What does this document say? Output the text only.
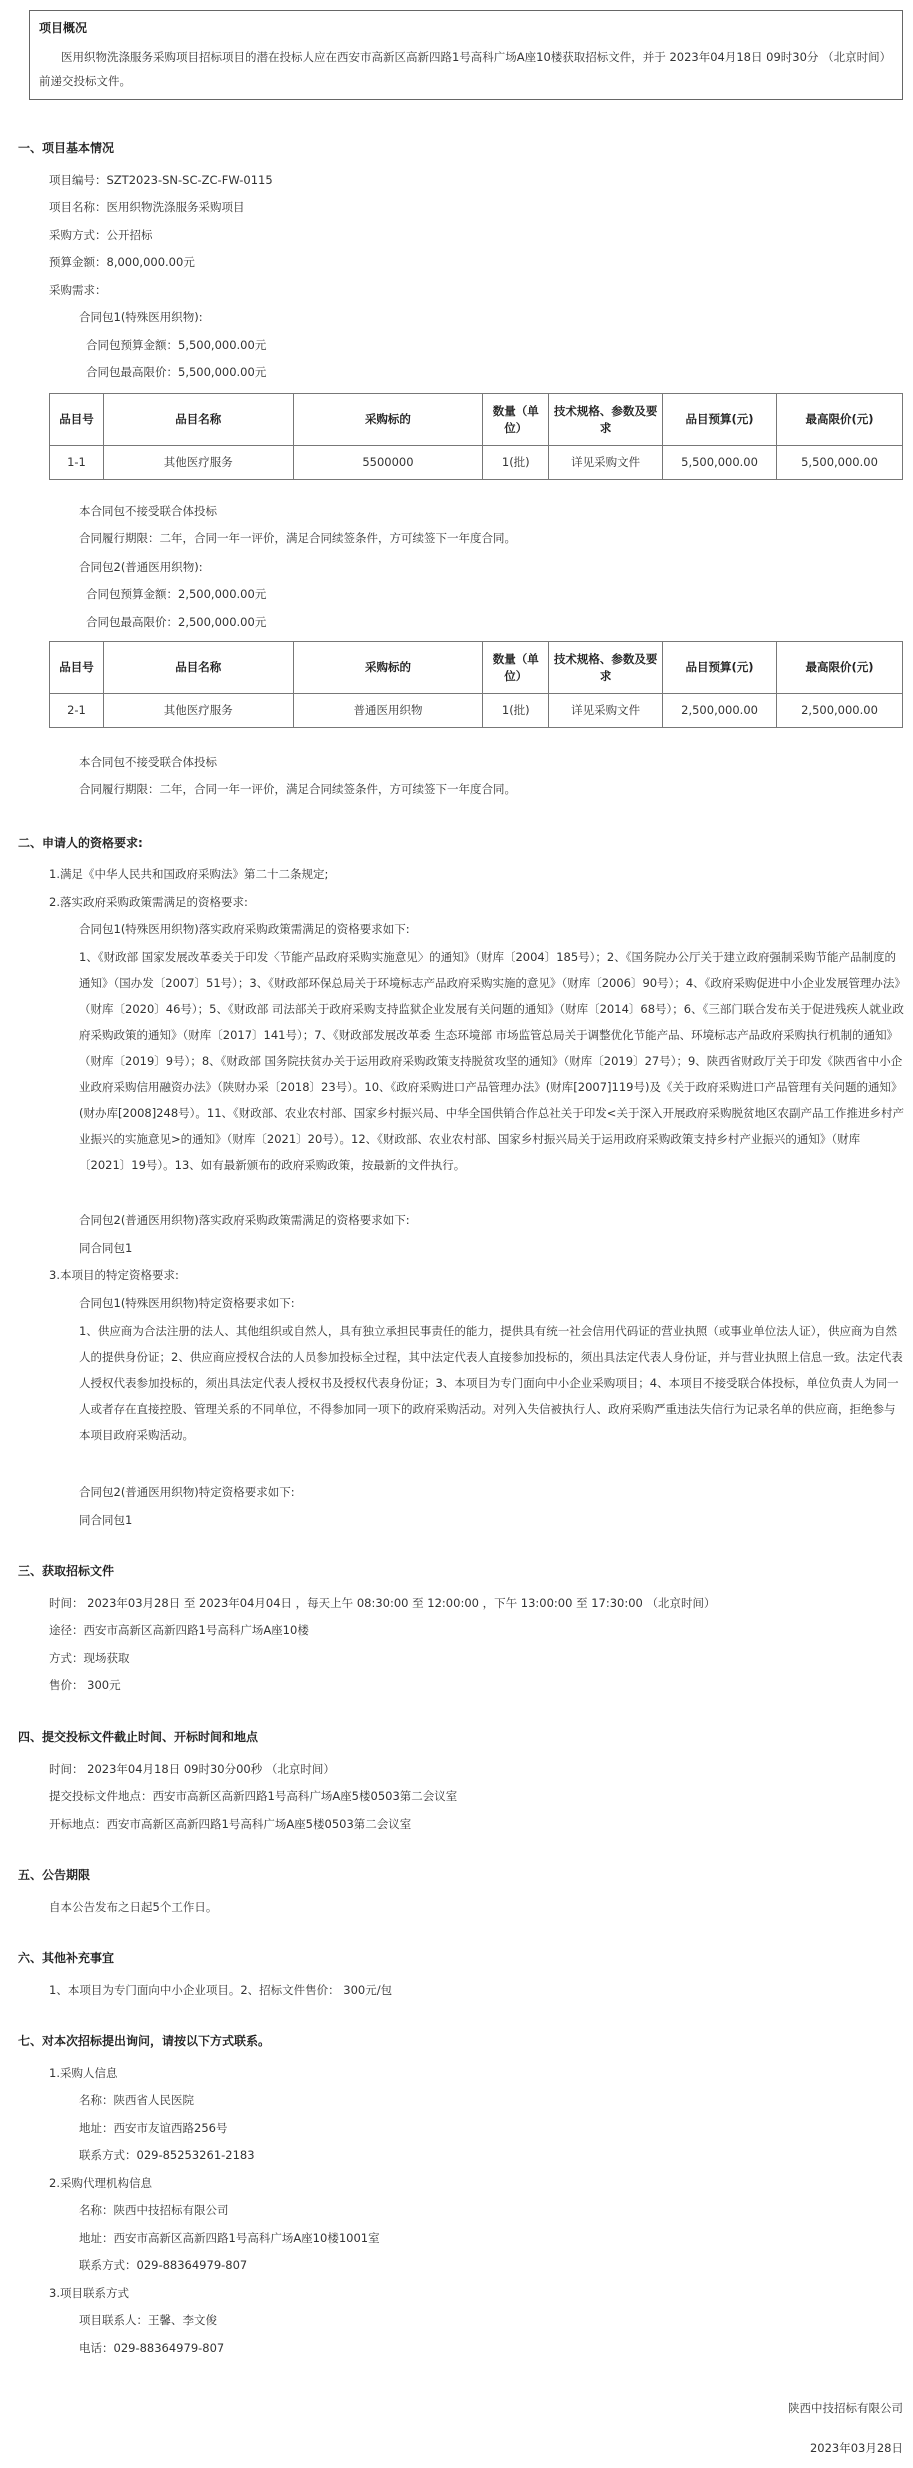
项目概况
医用织物洗涤服务采购项目招标项目的潜在投标人应在西安市高新区高新四路1号高科广场A座10楼获取招标文件，并于 2023年04月18日 09时30分 （北京时间）前递交投标文件。
一、项目基本情况
项目编号：SZT2023-SN-SC-ZC-FW-0115
项目名称：医用织物洗涤服务采购项目
采购方式：公开招标
预算金额：8,000,000.00元
采购需求：
合同包1(特殊医用织物):
合同包预算金额：5,500,000.00元
合同包最高限价：5,500,000.00元
品目号	品目名称	采购标的	数量（单位）	技术规格、参数及要求	品目预算(元)	最高限价(元)
1-1	其他医疗服务	5500000	1(批)	详见采购文件	5,500,000.00	5,500,000.00
本合同包不接受联合体投标
合同履行期限：二年，合同一年一评价，满足合同续签条件，方可续签下一年度合同。
合同包2(普通医用织物):
合同包预算金额：2,500,000.00元
合同包最高限价：2,500,000.00元
品目号	品目名称	采购标的	数量（单位）	技术规格、参数及要求	品目预算(元)	最高限价(元)
2-1	其他医疗服务	普通医用织物	1(批)	详见采购文件	2,500,000.00	2,500,000.00
本合同包不接受联合体投标
合同履行期限：二年，合同一年一评价，满足合同续签条件，方可续签下一年度合同。
二、申请人的资格要求:
1.满足《中华人民共和国政府采购法》第二十二条规定;
2.落实政府采购政策需满足的资格要求:
合同包1(特殊医用织物)落实政府采购政策需满足的资格要求如下:
1、《财政部 国家发展改革委关于印发〈节能产品政府采购实施意见〉的通知》（财库〔2004〕185号）；2、《国务院办公厅关于建立政府强制采购节能产品制度的通知》（国办发〔2007〕51号）；3、《财政部环保总局关于环境标志产品政府采购实施的意见》（财库〔2006〕90号）；4、《政府采购促进中小企业发展管理办法》（财库〔2020〕46号）；5、《财政部 司法部关于政府采购支持监狱企业发展有关问题的通知》（财库〔2014〕68号）；6、《三部门联合发布关于促进残疾人就业政府采购政策的通知》（财库〔2017〕141号）；7、《财政部发展改革委 生态环境部 市场监管总局关于调整优化节能产品、环境标志产品政府采购执行机制的通知》（财库〔2019〕9号）；8、《财政部 国务院扶贫办关于运用政府采购政策支持脱贫攻坚的通知》（财库〔2019〕27号）；9、陕西省财政厅关于印发《陕西省中小企业政府采购信用融资办法》（陕财办采〔2018〕23号）。10、《政府采购进口产品管理办法》(财库[2007]119号)及《关于政府采购进口产品管理有关问题的通知》(财办库[2008]248号）。11、《财政部、农业农村部、国家乡村振兴局、中华全国供销合作总社关于印发<关于深入开展政府采购脱贫地区农副产品工作推进乡村产业振兴的实施意见>的通知》（财库〔2021〕20号）。12、《财政部、农业农村部、国家乡村振兴局关于运用政府采购政策支持乡村产业振兴的通知》（财库〔2021〕19号）。13、如有最新颁布的政府采购政策，按最新的文件执行。
合同包2(普通医用织物)落实政府采购政策需满足的资格要求如下:
同合同包1
3.本项目的特定资格要求:
合同包1(特殊医用织物)特定资格要求如下:
1、供应商为合法注册的法人、其他组织或自然人，具有独立承担民事责任的能力，提供具有统一社会信用代码证的营业执照（或事业单位法人证），供应商为自然人的提供身份证；2、供应商应授权合法的人员参加投标全过程，其中法定代表人直接参加投标的，须出具法定代表人身份证，并与营业执照上信息一致。法定代表人授权代表参加投标的，须出具法定代表人授权书及授权代表身份证；3、本项目为专门面向中小企业采购项目；4、本项目不接受联合体投标，单位负责人为同一人或者存在直接控股、管理关系的不同单位，不得参加同一项下的政府采购活动。对列入失信被执行人、政府采购严重违法失信行为记录名单的供应商，拒绝参与本项目政府采购活动。
合同包2(普通医用织物)特定资格要求如下:
同合同包1
三、获取招标文件
时间： 2023年03月28日 至 2023年04月04日 ，每天上午 08:30:00 至 12:00:00 ，下午 13:00:00 至 17:30:00 （北京时间）
途径：西安市高新区高新四路1号高科广场A座10楼
方式：现场获取
售价： 300元
四、提交投标文件截止时间、开标时间和地点
时间： 2023年04月18日 09时30分00秒 （北京时间）
提交投标文件地点：西安市高新区高新四路1号高科广场A座5楼0503第二会议室
开标地点：西安市高新区高新四路1号高科广场A座5楼0503第二会议室
五、公告期限
自本公告发布之日起5个工作日。
六、其他补充事宜
1、本项目为专门面向中小企业项目。2、招标文件售价： 300元/包
七、对本次招标提出询问，请按以下方式联系。
1.采购人信息
名称：陕西省人民医院
地址：西安市友谊西路256号
联系方式：029-85253261-2183
2.采购代理机构信息
名称：陕西中技招标有限公司
地址：西安市高新区高新四路1号高科广场A座10楼1001室
联系方式：029-88364979-807
3.项目联系方式
项目联系人：王馨、李文俊
电话：029-88364979-807
陕西中技招标有限公司
2023年03月28日
